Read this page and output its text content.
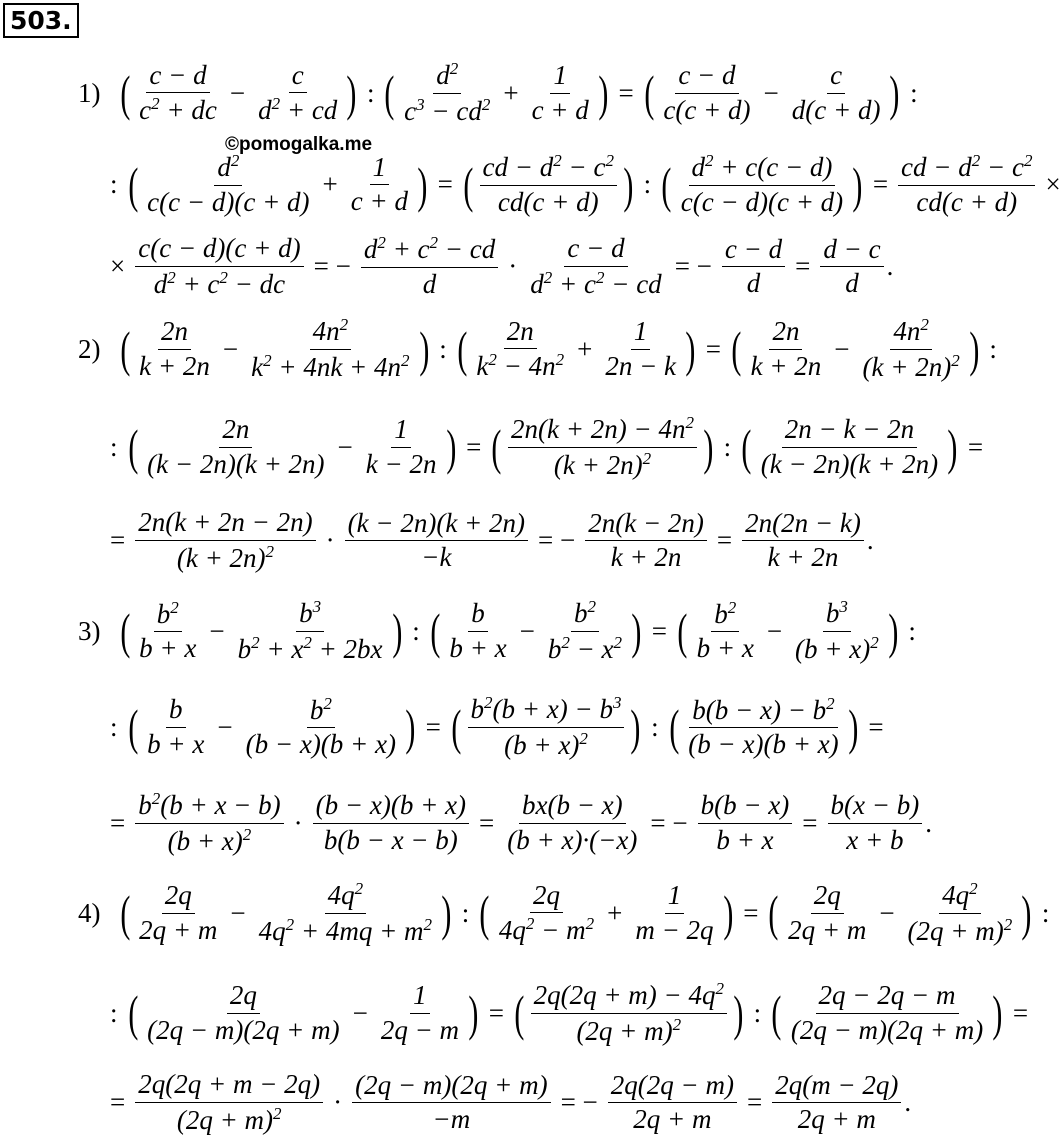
503.
©pomogalka.me
1) ( $\frac{c - d}{c^2 + dc} - \frac{c}{d^2 + cd}$ ) : ( $\frac{d^2}{c^3 - cd^2} + \frac{1}{c + d}$ ) = ( $\frac{c - d}{c(c + d)} - \frac{c}{d(c + d)}$ ) :
: ( $\frac{d^2}{c(c - d)(c + d)} + \frac{1}{c + d}$ ) = ( $\frac{cd - d^2 - c^2}{cd(c + d)}$ ) : ( $\frac{d^2 + c(c - d)}{c(c - d)(c + d)}$ ) = $\frac{cd - d^2 - c^2}{cd(c + d)}$ ×
× $\frac{c(c - d)(c + d)}{d^2 + c^2 - dc}$ = − $\frac{d^2 + c^2 - cd}{d} \cdot \frac{c - d}{d^2 + c^2 - cd}$ = − $\frac{c - d}{d} = \frac{d - c}{d}$ .
2) ( $\frac{2n}{k + 2n} - \frac{4n^2}{k^2 + 4nk + 4n^2}$ ) : ( $\frac{2n}{k^2 - 4n^2} + \frac{1}{2n - k}$ ) = ( $\frac{2n}{k + 2n} - \frac{4n^2}{(k + 2n)^2}$ ) :
: ( $\frac{2n}{(k - 2n)(k + 2n)} - \frac{1}{k - 2n}$ ) = ( $\frac{2n(k + 2n) - 4n^2}{(k + 2n)^2}$ ) : ( $\frac{2n - k - 2n}{(k - 2n)(k + 2n)}$ ) =
= $\frac{2n(k + 2n - 2n)}{(k + 2n)^2} \cdot \frac{(k - 2n)(k + 2n)}{-k}$ = − $\frac{2n(k - 2n)}{k + 2n} = \frac{2n(2n - k)}{k + 2n}$ .
3) ( $\frac{b^2}{b + x} - \frac{b^3}{b^2 + x^2 + 2bx}$ ) : ( $\frac{b}{b + x} - \frac{b^2}{b^2 - x^2}$ ) = ( $\frac{b^2}{b + x} - \frac{b^3}{(b + x)^2}$ ) :
: ( $\frac{b}{b + x} - \frac{b^2}{(b - x)(b + x)}$ ) = ( $\frac{b^2(b + x) - b^3}{(b + x)^2}$ ) : ( $\frac{b(b - x) - b^2}{(b - x)(b + x)}$ ) =
= $\frac{b^2(b + x - b)}{(b + x)^2} \cdot \frac{(b - x)(b + x)}{b(b - x - b)} = \frac{bx(b - x)}{(b + x)\cdot(-x)}$ = − $\frac{b(b - x)}{b + x} = \frac{b(x - b)}{x + b}$ .
4) ( $\frac{2q}{2q + m} - \frac{4q^2}{4q^2 + 4mq + m^2}$ ) : ( $\frac{2q}{4q^2 - m^2} + \frac{1}{m - 2q}$ ) = ( $\frac{2q}{2q + m} - \frac{4q^2}{(2q + m)^2}$ ) :
: ( $\frac{2q}{(2q - m)(2q + m)} - \frac{1}{2q - m}$ ) = ( $\frac{2q(2q + m) - 4q^2}{(2q + m)^2}$ ) : ( $\frac{2q - 2q - m}{(2q - m)(2q + m)}$ ) =
= $\frac{2q(2q + m - 2q)}{(2q + m)^2} \cdot \frac{(2q - m)(2q + m)}{-m}$ = − $\frac{2q(2q - m)}{2q + m} = \frac{2q(m - 2q)}{2q + m}$ .
